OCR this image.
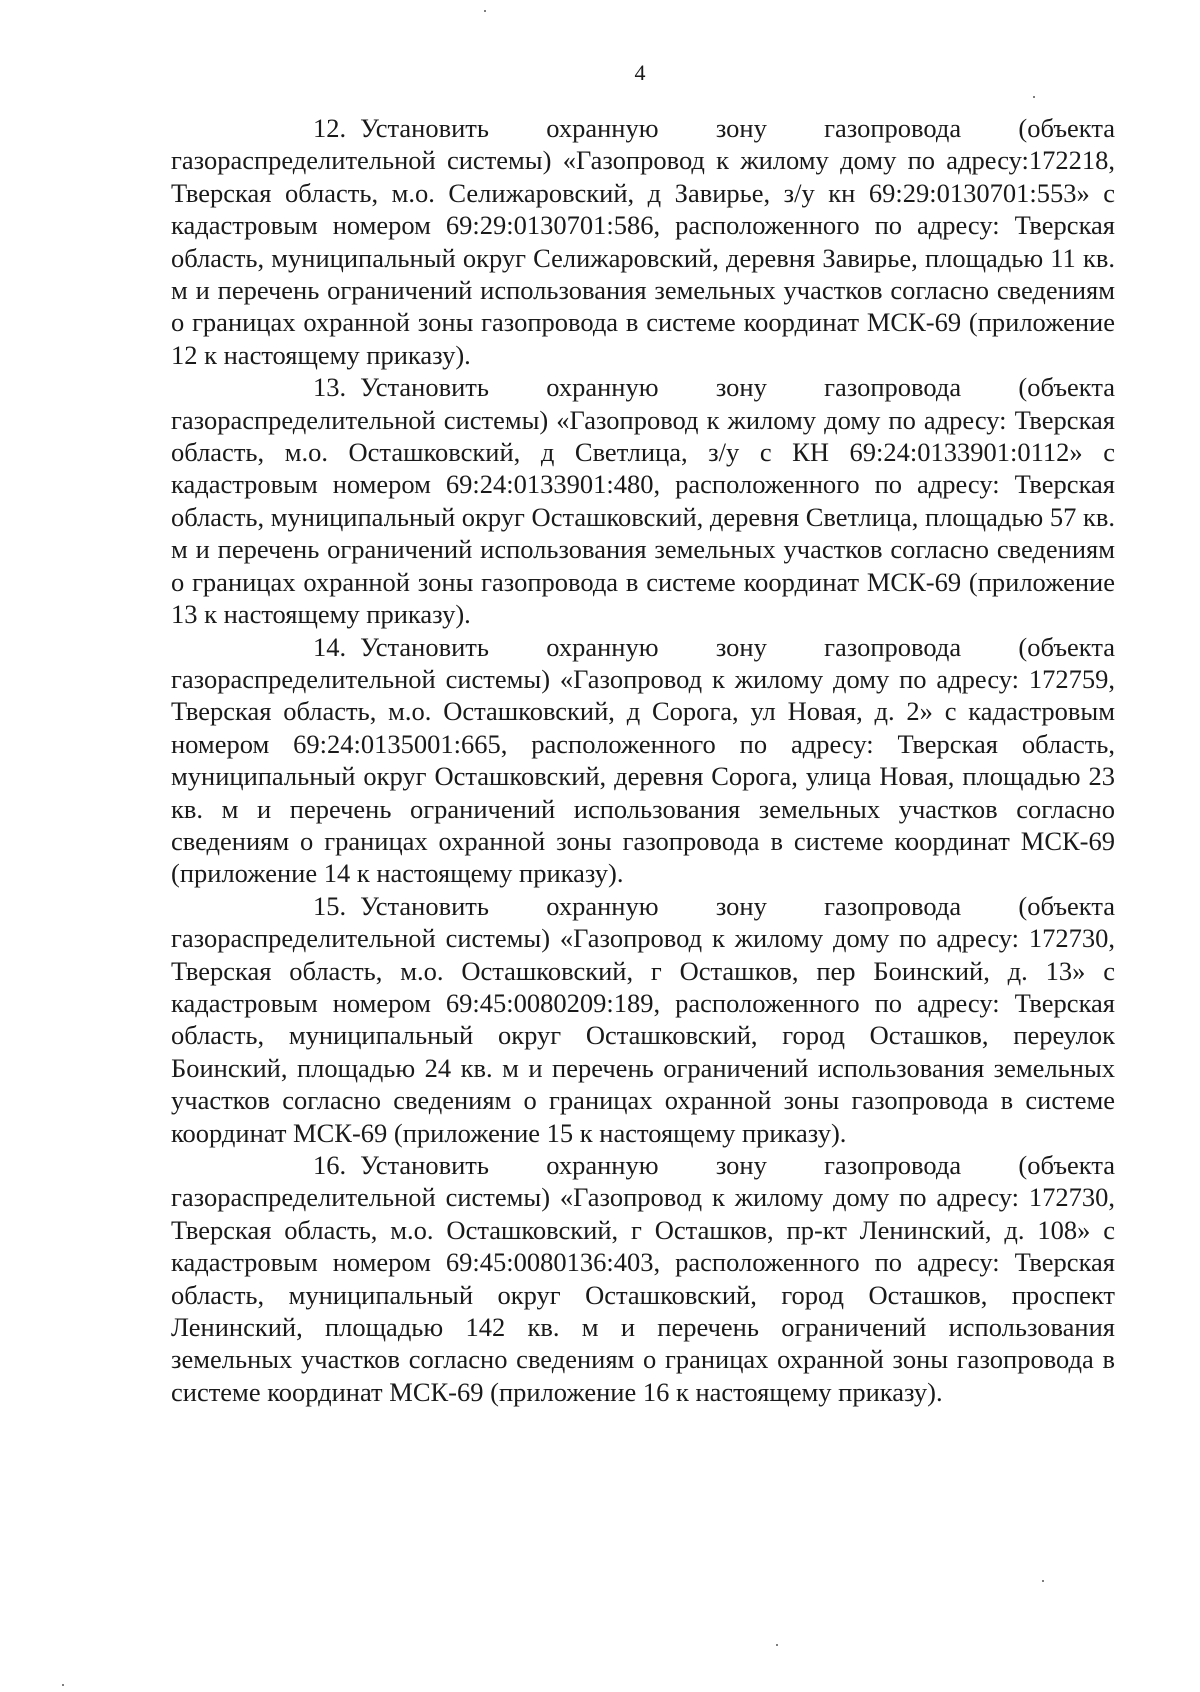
4

12. Установить охранную зону газопровода (объекта газораспределительной системы) «Газопровод к жилому дому по адресу:172218, Тверская область, м.о. Селижаровский, д Завирье, з/у кн 69:29:0130701:553» с кадастровым номером 69:29:0130701:586, расположенного по адресу: Тверская область, муниципальный округ Селижаровский, деревня Завирье, площадью 11 кв. м и перечень ограничений использования земельных участков согласно сведениям о границах охранной зоны газопровода в системе координат МСК-69 (приложение 12 к настоящему приказу).

13. Установить охранную зону газопровода (объекта газораспределительной системы) «Газопровод к жилому дому по адресу: Тверская область, м.о. Осташковский, д Светлица, з/у с КН 69:24:0133901:0112» с кадастровым номером 69:24:0133901:480, расположенного по адресу: Тверская область, муниципальный округ Осташковский, деревня Светлица, площадью 57 кв. м и перечень ограничений использования земельных участков согласно сведениям о границах охранной зоны газопровода в системе координат МСК-69 (приложение 13 к настоящему приказу).

14. Установить охранную зону газопровода (объекта газораспределительной системы) «Газопровод к жилому дому по адресу: 172759, Тверская область, м.о. Осташковский, д Сорога, ул Новая, д. 2» с кадастровым номером 69:24:0135001:665, расположенного по адресу: Тверская область, муниципальный округ Осташковский, деревня Сорога, улица Новая, площадью 23 кв. м и перечень ограничений использования земельных участков согласно сведениям о границах охранной зоны газопровода в системе координат МСК-69 (приложение 14 к настоящему приказу).

15. Установить охранную зону газопровода (объекта газораспределительной системы) «Газопровод к жилому дому по адресу: 172730, Тверская область, м.о. Осташковский, г Осташков, пер Боинский, д. 13» с кадастровым номером 69:45:0080209:189, расположенного по адресу: Тверская область, муниципальный округ Осташковский, город Осташков, переулок Боинский, площадью 24 кв. м и перечень ограничений использования земельных участков согласно сведениям о границах охранной зоны газопровода в системе координат МСК-69 (приложение 15 к настоящему приказу).

16. Установить охранную зону газопровода (объекта газораспределительной системы) «Газопровод к жилому дому по адресу: 172730, Тверская область, м.о. Осташковский, г Осташков, пр-кт Ленинский, д. 108» с кадастровым номером 69:45:0080136:403, расположенного по адресу: Тверская область, муниципальный округ Осташковский, город Осташков, проспект Ленинский, площадью 142 кв. м и перечень ограничений использования земельных участков согласно сведениям о границах охранной зоны газопровода в системе координат МСК-69 (приложение 16 к настоящему приказу).
